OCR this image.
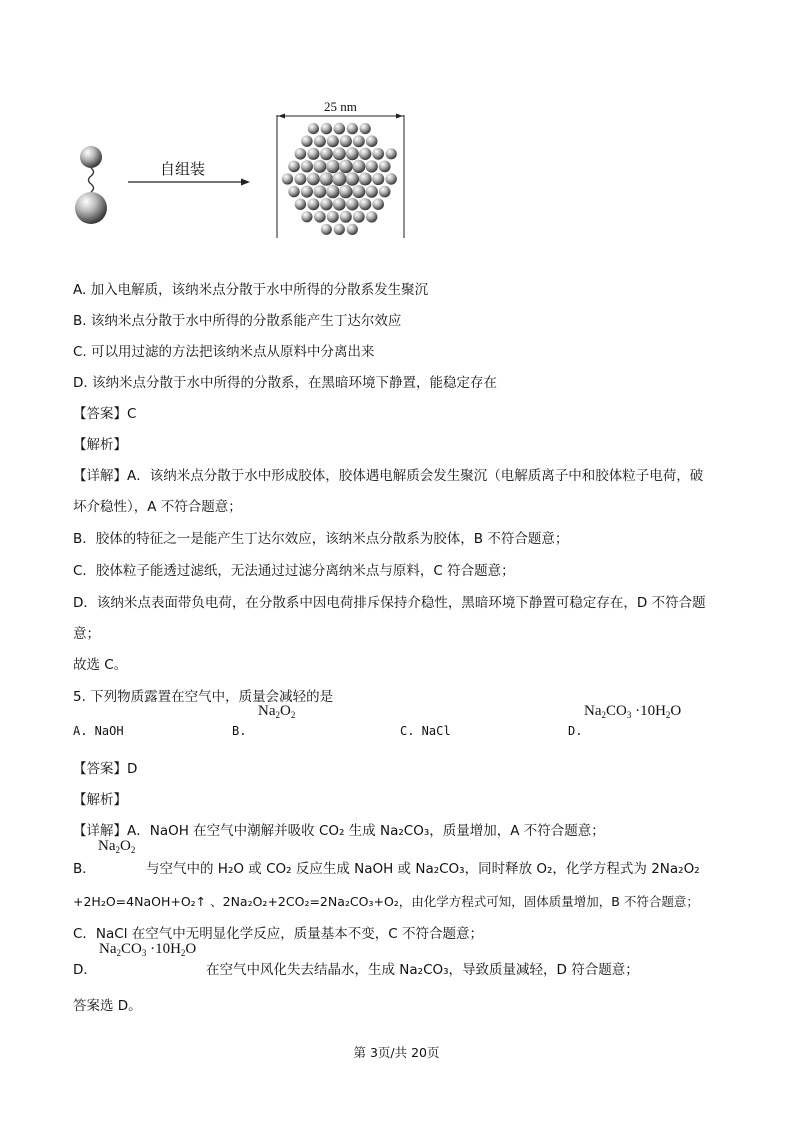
自组装
25 nm
A. 加入电解质，该纳米点分散于水中所得的分散系发生聚沉
B. 该纳米点分散于水中所得的分散系能产生丁达尔效应
C. 可以用过滤的方法把该纳米点从原料中分离出来
D. 该纳米点分散于水中所得的分散系，在黑暗环境下静置，能稳定存在
【答案】C
【解析】
【详解】A．该纳米点分散于水中形成胶体，胶体遇电解质会发生聚沉（电解质离子中和胶体粒子电荷，破
坏介稳性），A 不符合题意；
B．胶体的特征之一是能产生丁达尔效应，该纳米点分散系为胶体，B 不符合题意；
C．胶体粒子能透过滤纸，无法通过过滤分离纳米点与原料，C 符合题意；
D．该纳米点表面带负电荷，在分散系中因电荷排斥保持介稳性，黑暗环境下静置可稳定存在，D 不符合题
意；
故选 C。
5. 下列物质露置在空气中，质量会减轻的是
$Na_2O_2$	$Na_2CO_3 \cdot 10H_2O$
A. NaOH	B.	C. NaCl	D.
【答案】D
【解析】
【详解】A．NaOH 在空气中潮解并吸收 CO₂ 生成 Na₂CO₃，质量增加，A 不符合题意；
$Na_2O_2$
B．	与空气中的 H₂O 或 CO₂ 反应生成 NaOH 或 Na₂CO₃，同时释放 O₂，化学方程式为 2Na₂O₂
+2H₂O=4NaOH+O₂↑ 、2Na₂O₂+2CO₂=2Na₂CO₃+O₂，由化学方程式可知，固体质量增加，B 不符合题意；
C．NaCl 在空气中无明显化学反应，质量基本不变，C 不符合题意；
$Na_2CO_3 \cdot 10H_2O$
D．	在空气中风化失去结晶水，生成 Na₂CO₃，导致质量减轻，D 符合题意；
答案选 D。
第 3页/共 20页
